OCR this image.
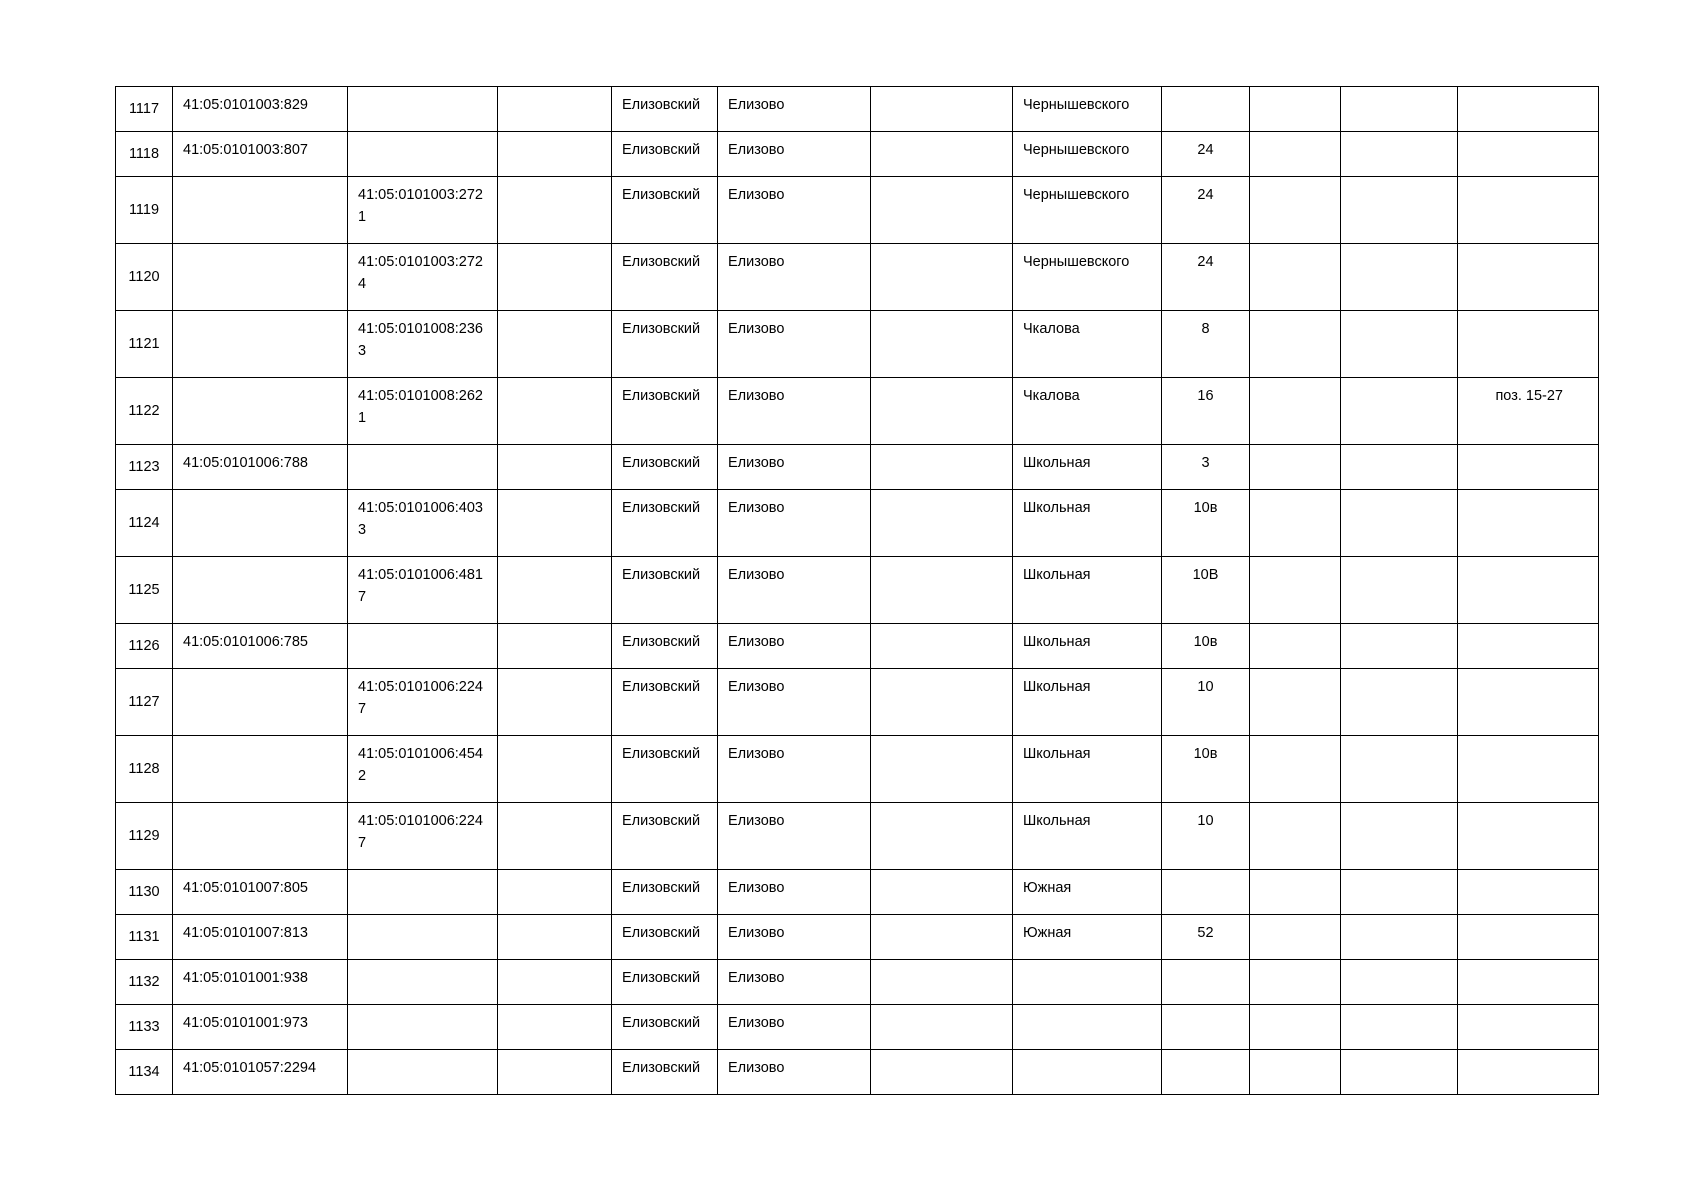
1117	41:05:0101003:829			Елизовский	Елизово		Чернышевского				
1118	41:05:0101003:807			Елизовский	Елизово		Чернышевского	24			
1119		41:05:0101003:2721		Елизовский	Елизово		Чернышевского	24			
1120		41:05:0101003:2724		Елизовский	Елизово		Чернышевского	24			
1121		41:05:0101008:2363		Елизовский	Елизово		Чкалова	8			
1122		41:05:0101008:2621		Елизовский	Елизово		Чкалова	16			поз. 15-27
1123	41:05:0101006:788			Елизовский	Елизово		Школьная	3			
1124		41:05:0101006:4033		Елизовский	Елизово		Школьная	10в			
1125		41:05:0101006:4817		Елизовский	Елизово		Школьная	10В			
1126	41:05:0101006:785			Елизовский	Елизово		Школьная	10в			
1127		41:05:0101006:2247		Елизовский	Елизово		Школьная	10			
1128		41:05:0101006:4542		Елизовский	Елизово		Школьная	10в			
1129		41:05:0101006:2247		Елизовский	Елизово		Школьная	10			
1130	41:05:0101007:805			Елизовский	Елизово		Южная				
1131	41:05:0101007:813			Елизовский	Елизово		Южная	52			
1132	41:05:0101001:938			Елизовский	Елизово						
1133	41:05:0101001:973			Елизовский	Елизово						
1134	41:05:0101057:2294			Елизовский	Елизово						
